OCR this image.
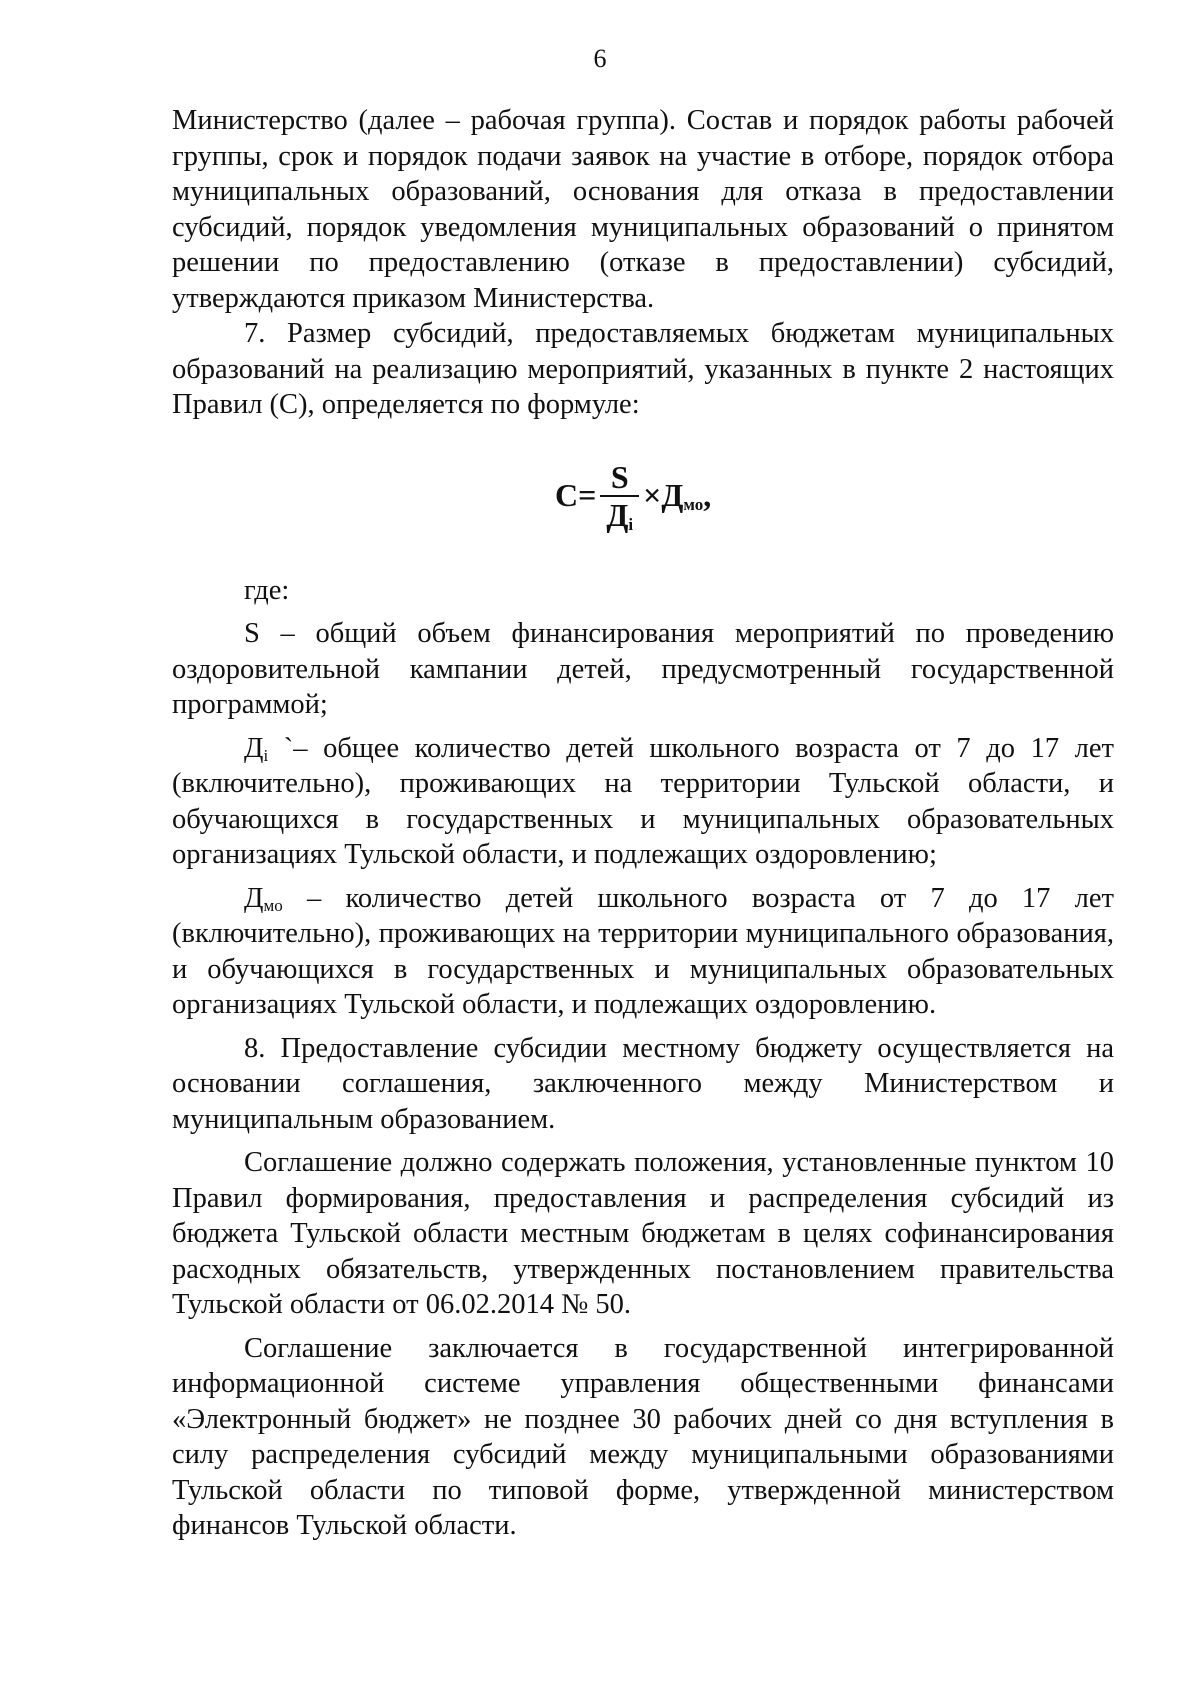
6

Министерство (далее – рабочая группа). Состав и порядок работы рабочей группы, срок и порядок подачи заявок на участие в отборе, порядок отбора муниципальных образований, основания для отказа в предоставлении субсидий, порядок уведомления муниципальных образований о принятом решении по предоставлению (отказе в предоставлении) субсидий, утверждаются приказом Министерства.

7. Размер субсидий, предоставляемых бюджетам муниципальных образований на реализацию мероприятий, указанных в пункте 2 настоящих Правил (С), определяется по формуле:

$С= \frac{S}{Д_i} \times Д_{мо}$ ,

где:

S – общий объем финансирования мероприятий по проведению оздоровительной кампании детей, предусмотренный государственной программой;

$Д_i$ `– общее количество детей школьного возраста от 7 до 17 лет (включительно), проживающих на территории Тульской области, и обучающихся в государственных и муниципальных образовательных организациях Тульской области, и подлежащих оздоровлению;

$Д_{мо}$ – количество детей школьного возраста от 7 до 17 лет (включительно), проживающих на территории муниципального образования, и обучающихся в государственных и муниципальных образовательных организациях Тульской области, и подлежащих оздоровлению.

8. Предоставление субсидии местному бюджету осуществляется на основании соглашения, заключенного между Министерством и муниципальным образованием.

Соглашение должно содержать положения, установленные пунктом 10 Правил формирования, предоставления и распределения субсидий из бюджета Тульской области местным бюджетам в целях софинансирования расходных обязательств, утвержденных постановлением правительства Тульской области от 06.02.2014 № 50.

Соглашение заключается в государственной интегрированной информационной системе управления общественными финансами «Электронный бюджет» не позднее 30 рабочих дней со дня вступления в силу распределения субсидий между муниципальными образованиями Тульской области по типовой форме, утвержденной министерством финансов Тульской области.
